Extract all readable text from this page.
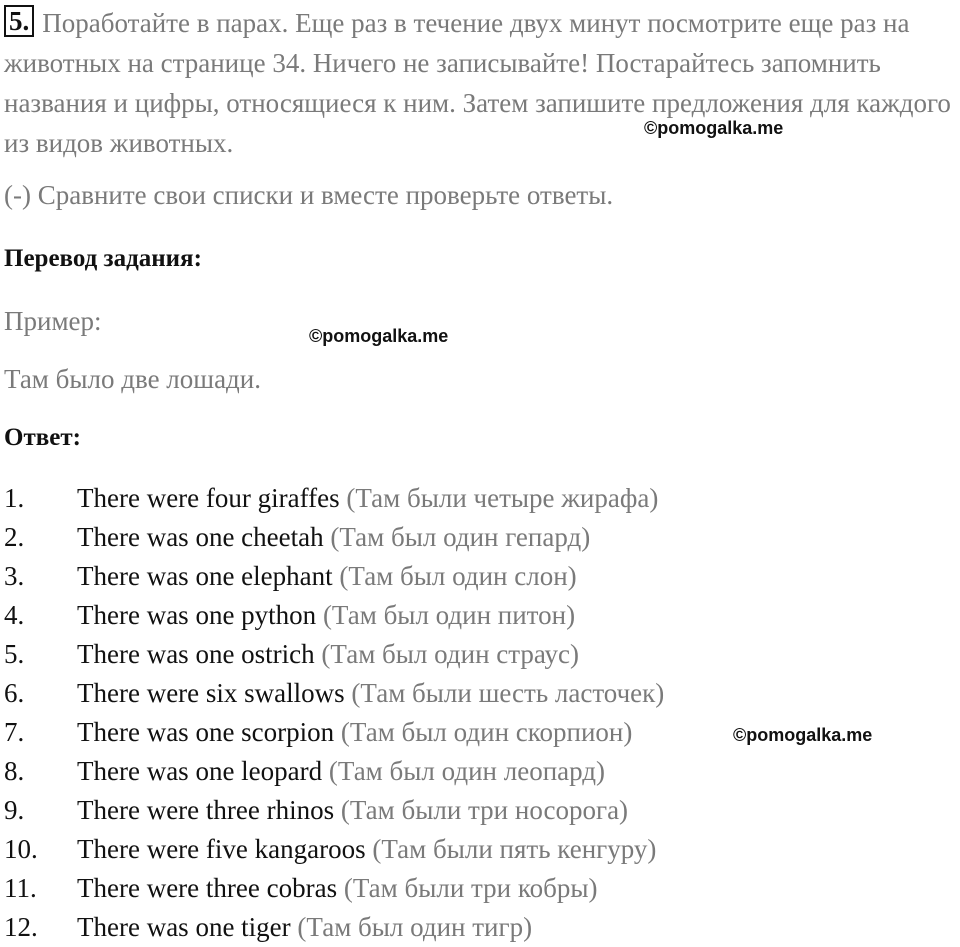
5. Поработайте в парах. Еще раз в течение двух минут посмотрите еще раз на животных на странице 34. Ничего не записывайте! Постарайтесь запомнить названия и цифры, относящиеся к ним. Затем запишите предложения для каждого из видов животных.	©pomogalka.me
(-) Сравните свои списки и вместе проверьте ответы.
Перевод задания:
Пример:	©pomogalka.me
Там было две лошади.
Ответ:
1. There were four giraffes (Там были четыре жирафа)
2. There was one cheetah (Там был один гепард)
3. There was one elephant (Там был один слон)
4. There was one python (Там был один питон)
5. There was one ostrich (Там был один страус)
6. There were six swallows (Там были шесть ласточек)
7. There was one scorpion (Там был один скорпион)
8. There was one leopard (Там был один леопард)
9. There were three rhinos (Там были три носорога)
10. There were five kangaroos (Там были пять кенгуру)
11. There were three cobras (Там были три кобры)
12. There was one tiger (Там был один тигр)
©pomogalka.me
